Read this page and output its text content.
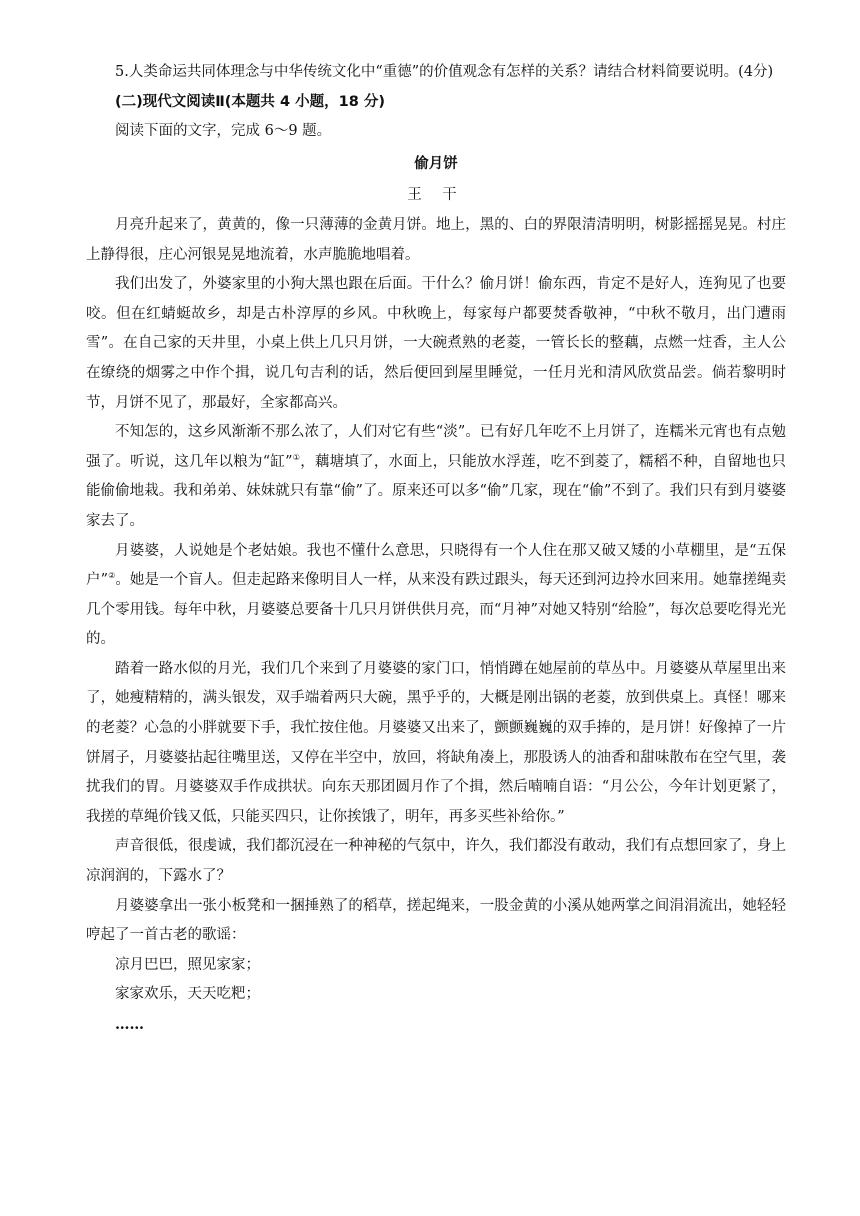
5.人类命运共同体理念与中华传统文化中“重德”的价值观念有怎样的关系？请结合材料简要说明。(4分)

(二)现代文阅读Ⅱ(本题共 4 小题，18 分)

阅读下面的文字，完成 6～9 题。

偷月饼

王 干

月亮升起来了，黄黄的，像一只薄薄的金黄月饼。地上，黑的、白的界限清清明明，树影摇摇晃晃。村庄上静得很，庄心河银晃晃地流着，水声脆脆地唱着。

我们出发了，外婆家里的小狗大黑也跟在后面。干什么？偷月饼！偷东西，肯定不是好人，连狗见了也要咬。但在红蜻蜓故乡，却是古朴淳厚的乡风。中秋晚上，每家每户都要焚香敬神，“中秋不敬月，出门遭雨雪”。在自己家的天井里，小桌上供上几只月饼，一大碗煮熟的老菱，一管长长的整藕，点燃一炷香，主人公在缭绕的烟雾之中作个揖，说几句吉利的话，然后便回到屋里睡觉，一任月光和清风欣赏品尝。倘若黎明时节，月饼不见了，那最好，全家都高兴。

不知怎的，这乡风渐渐不那么浓了，人们对它有些“淡”。已有好几年吃不上月饼了，连糯米元宵也有点勉强了。听说，这几年以粮为“缸”①，藕塘填了，水面上，只能放水浮莲，吃不到菱了，糯稻不种，自留地也只能偷偷地栽。我和弟弟、妹妹就只有靠“偷”了。原来还可以多“偷”几家，现在“偷”不到了。我们只有到月婆婆家去了。

月婆婆，人说她是个老姑娘。我也不懂什么意思，只晓得有一个人住在那又破又矮的小草棚里，是“五保户”②。她是一个盲人。但走起路来像明目人一样，从来没有跌过跟头，每天还到河边拎水回来用。她靠搓绳卖几个零用钱。每年中秋，月婆婆总要备十几只月饼供供月亮，而“月神”对她又特别“给脸”，每次总要吃得光光的。

踏着一路水似的月光，我们几个来到了月婆婆的家门口，悄悄蹲在她屋前的草丛中。月婆婆从草屋里出来了，她瘦精精的，满头银发，双手端着两只大碗，黑乎乎的，大概是刚出锅的老菱，放到供桌上。真怪！哪来的老菱？心急的小胖就要下手，我忙按住他。月婆婆又出来了，颤颤巍巍的双手捧的，是月饼！好像掉了一片饼屑子，月婆婆拈起往嘴里送，又停在半空中，放回，将缺角凑上，那股诱人的油香和甜味散布在空气里，袭扰我们的胃。月婆婆双手作成拱状。向东天那团圆月作了个揖，然后喃喃自语：“月公公，今年计划更紧了，我搓的草绳价钱又低，只能买四只，让你挨饿了，明年，再多买些补给你。”

声音很低，很虔诚，我们都沉浸在一种神秘的气氛中，许久，我们都没有敢动，我们有点想回家了，身上凉润润的，下露水了？

月婆婆拿出一张小板凳和一捆捶熟了的稻草，搓起绳来，一股金黄的小溪从她两掌之间涓涓流出，她轻轻哼起了一首古老的歌谣：

凉月巴巴，照见家家；

家家欢乐，天天吃粑；

……
